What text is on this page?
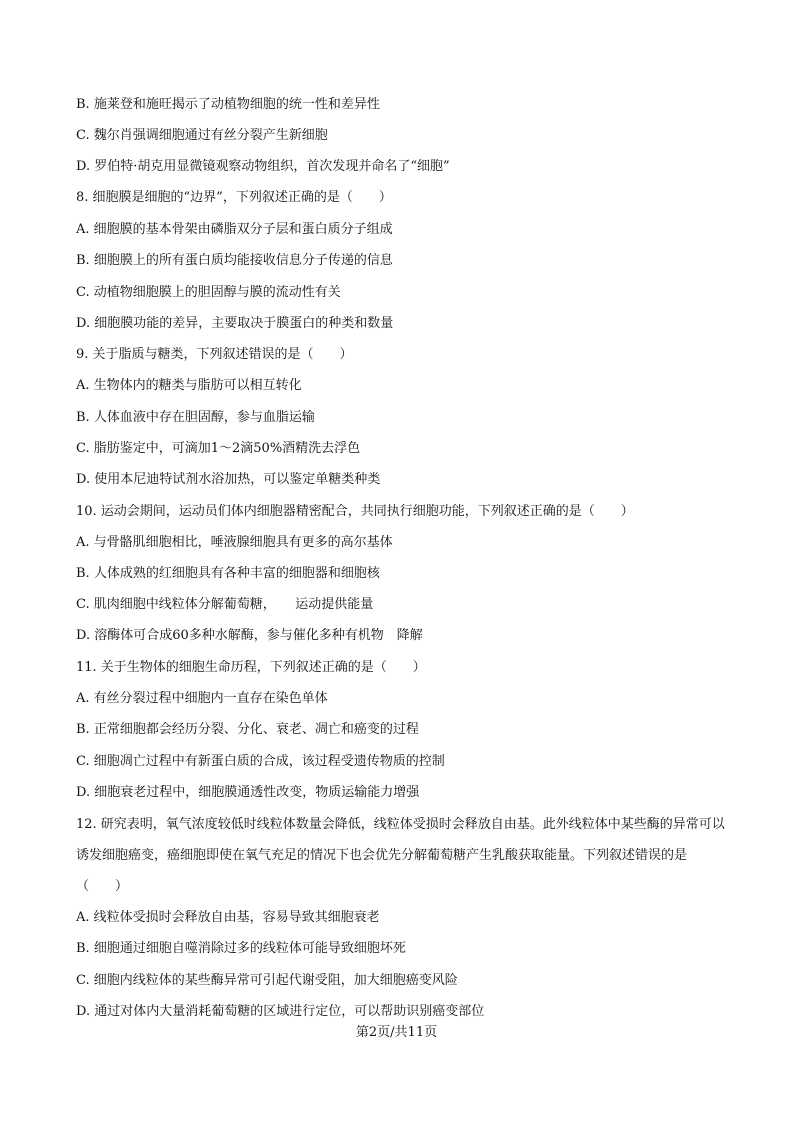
B. 施莱登和施旺揭示了动植物细胞的统一性和差异性
C. 魏尔肖强调细胞通过有丝分裂产生新细胞
D. 罗伯特·胡克用显微镜观察动物组织，首次发现并命名了“细胞”
8. 细胞膜是细胞的“边界”，下列叙述正确的是（　　）
A. 细胞膜的基本骨架由磷脂双分子层和蛋白质分子组成
B. 细胞膜上的所有蛋白质均能接收信息分子传递的信息
C. 动植物细胞膜上的胆固醇与膜的流动性有关
D. 细胞膜功能的差异，主要取决于膜蛋白的种类和数量
9. 关于脂质与糖类，下列叙述错误的是（　　）
A. 生物体内的糖类与脂肪可以相互转化
B. 人体血液中存在胆固醇，参与血脂运输
C. 脂肪鉴定中，可滴加1～2滴50%酒精洗去浮色
D. 使用本尼迪特试剂水浴加热，可以鉴定单糖类种类
10. 运动会期间，运动员们体内细胞器精密配合，共同执行细胞功能，下列叙述正确的是（　　）
A. 与骨骼肌细胞相比，唾液腺细胞具有更多的高尔基体
B. 人体成熟的红细胞具有各种丰富的细胞器和细胞核
C. 肌肉细胞中线粒体分解葡萄糖，　　运动提供能量
D. 溶酶体可合成60多种水解酶，参与催化多种有机物　降解
11. 关于生物体的细胞生命历程，下列叙述正确的是（　　）
A. 有丝分裂过程中细胞内一直存在染色单体
B. 正常细胞都会经历分裂、分化、衰老、凋亡和癌变的过程
C. 细胞凋亡过程中有新蛋白质的合成，该过程受遗传物质的控制
D. 细胞衰老过程中，细胞膜通透性改变，物质运输能力增强
12. 研究表明，氧气浓度较低时线粒体数量会降低，线粒体受损时会释放自由基。此外线粒体中某些酶的异常可以诱发细胞癌变，癌细胞即使在氧气充足的情况下也会优先分解葡萄糖产生乳酸获取能量。下列叙述错误的是（　　）
A. 线粒体受损时会释放自由基，容易导致其细胞衰老
B. 细胞通过细胞自噬消除过多的线粒体可能导致细胞坏死
C. 细胞内线粒体的某些酶异常可引起代谢受阻，加大细胞癌变风险
D. 通过对体内大量消耗葡萄糖的区域进行定位，可以帮助识别癌变部位
第2页/共11页
